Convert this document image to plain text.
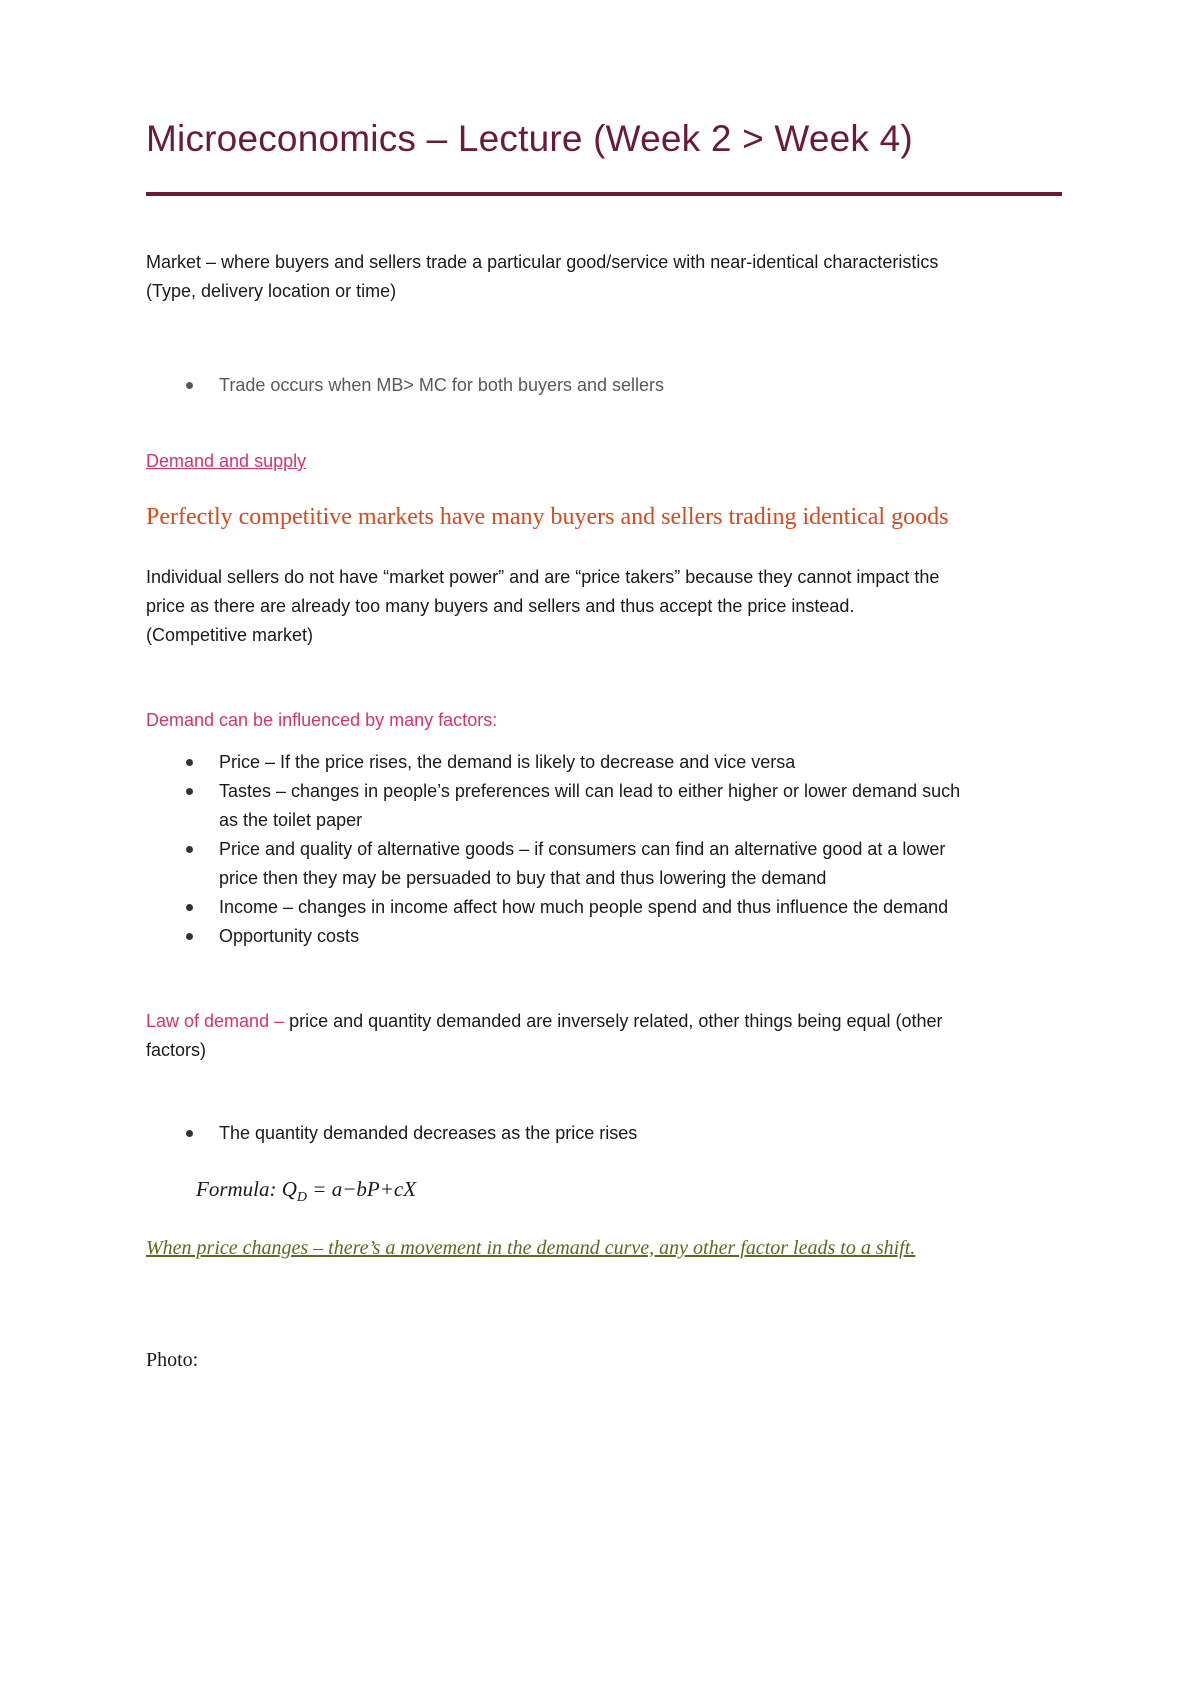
Microeconomics – Lecture (Week 2 > Week 4)
Market – where buyers and sellers trade a particular good/service with near-identical characteristics
(Type, delivery location or time)
Trade occurs when MB> MC for both buyers and sellers
Demand and supply
Perfectly competitive markets have many buyers and sellers trading identical goods
Individual sellers do not have “market power” and are “price takers” because they cannot impact the
price as there are already too many buyers and sellers and thus accept the price instead.
(Competitive market)
Demand can be influenced by many factors:
Price – If the price rises, the demand is likely to decrease and vice versa
Tastes – changes in people’s preferences will can lead to either higher or lower demand such
as the toilet paper
Price and quality of alternative goods – if consumers can find an alternative good at a lower
price then they may be persuaded to buy that and thus lowering the demand
Income – changes in income affect how much people spend and thus influence the demand
Opportunity costs
Law of demand – price and quantity demanded are inversely related, other things being equal (other
factors)
The quantity demanded decreases as the price rises
Formula: $Q_D = a-bP+cX$
When price changes – there’s a movement in the demand curve, any other factor leads to a shift.
Photo:
